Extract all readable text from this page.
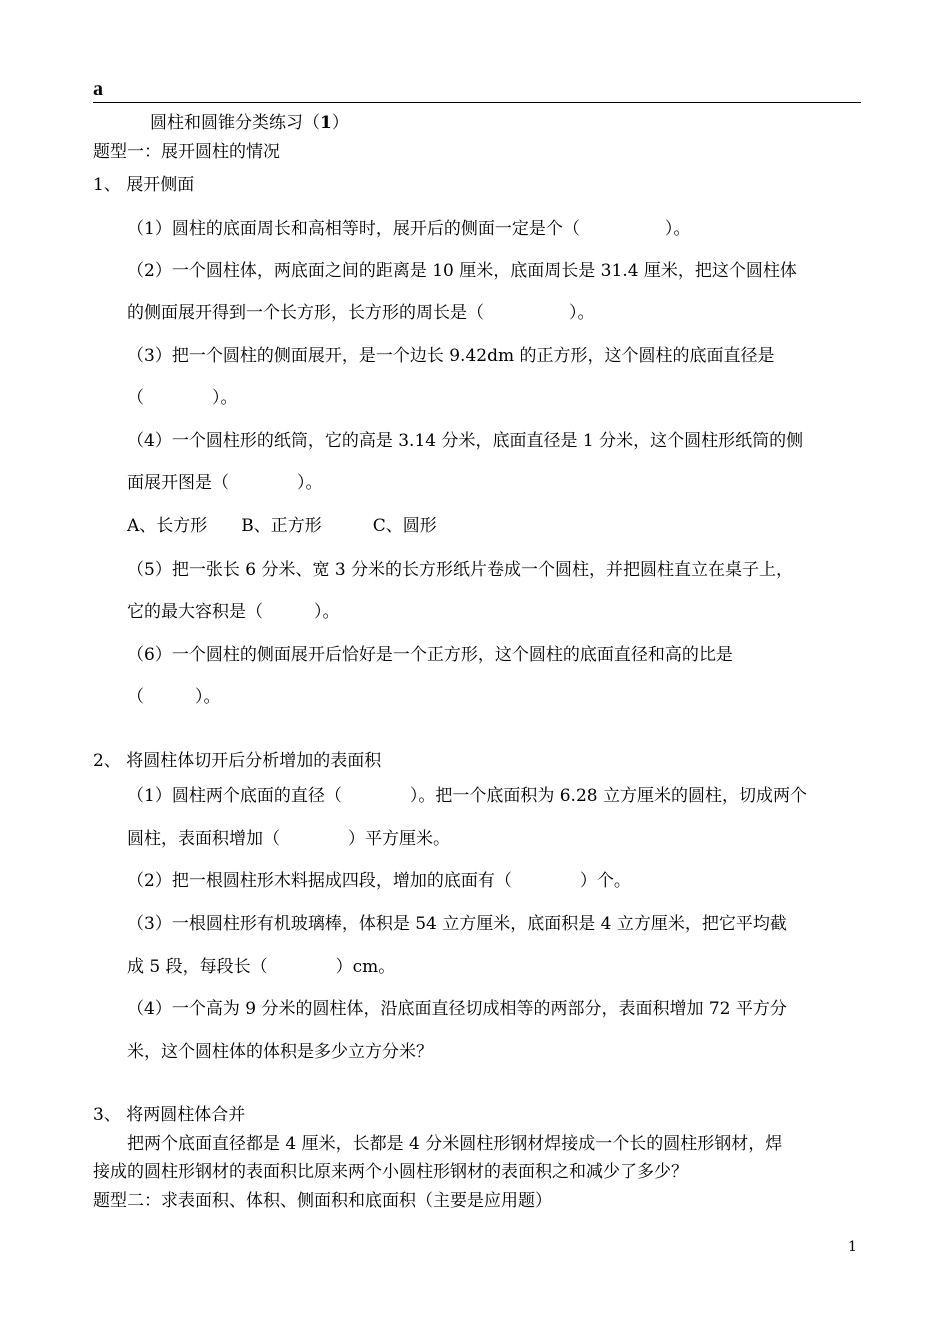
a
圆柱和圆锥分类练习（1）
题型一：展开圆柱的情况
1、 展开侧面
（1）圆柱的底面周长和高相等时，展开后的侧面一定是个（　　　　　）。
（2）一个圆柱体，两底面之间的距离是 10 厘米，底面周长是 31.4 厘米，把这个圆柱体
的侧面展开得到一个长方形，长方形的周长是（　　　　　）。
（3）把一个圆柱的侧面展开，是一个边长 9.42dm 的正方形，这个圆柱的底面直径是
（　　　　）。
（4）一个圆柱形的纸筒，它的高是 3.14 分米，底面直径是 1 分米，这个圆柱形纸筒的侧
面展开图是（　　　　）。
A、长方形　　B、正方形　　　C、圆形
（5）把一张长 6 分米、宽 3 分米的长方形纸片卷成一个圆柱，并把圆柱直立在桌子上，
它的最大容积是（　　　）。
（6）一个圆柱的侧面展开后恰好是一个正方形，这个圆柱的底面直径和高的比是
（　　　）。
2、 将圆柱体切开后分析增加的表面积
（1）圆柱两个底面的直径（　　　　）。把一个底面积为 6.28 立方厘米的圆柱，切成两个
圆柱，表面积增加（　　　　）平方厘米。
（2）把一根圆柱形木料据成四段，增加的底面有（　　　　）个。
（3）一根圆柱形有机玻璃棒，体积是 54 立方厘米，底面积是 4 立方厘米，把它平均截
成 5 段，每段长（　　　　）cm。
（4）一个高为 9 分米的圆柱体，沿底面直径切成相等的两部分，表面积增加 72 平方分
米，这个圆柱体的体积是多少立方分米？
3、 将两圆柱体合并
把两个底面直径都是 4 厘米，长都是 4 分米圆柱形钢材焊接成一个长的圆柱形钢材，焊
接成的圆柱形钢材的表面积比原来两个小圆柱形钢材的表面积之和减少了多少？
题型二：求表面积、体积、侧面积和底面积（主要是应用题）
1
